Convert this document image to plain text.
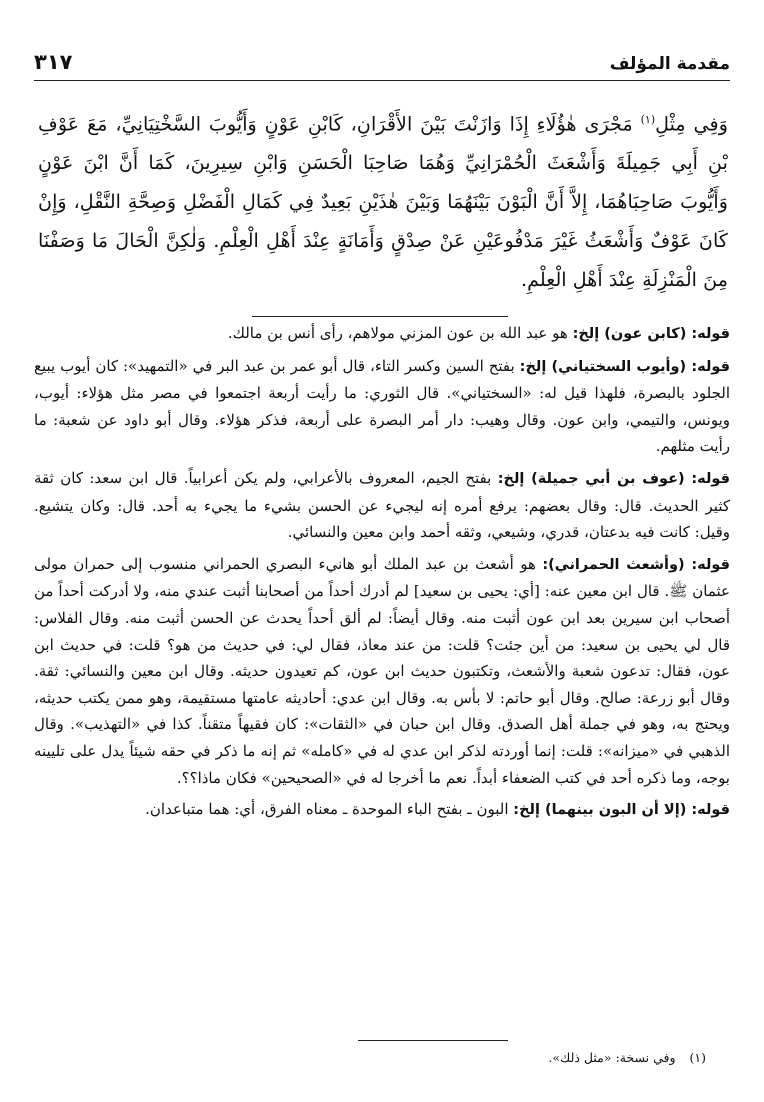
مقدمة المؤلف
٣١٧
وَفِي مِثْلِ$^{(١)}$ مَجْرَى هٰؤُلَاءِ إِذَا وَازَنْتَ بَيْنَ الأَقْرَانِ، كَابْنِ عَوْنٍ وَأَيُّوبَ السَّخْتِيَانِيِّ، مَعَ عَوْفِ بْنِ أَبِي جَمِيلَةَ وَأَشْعَثَ الْحُمْرَانِيِّ وَهُمَا صَاحِبَا الْحَسَنِ وَابْنِ سِيرِينَ، كَمَا أَنَّ ابْنَ عَوْنٍ وَأَيُّوبَ صَاحِبَاهُمَا، إِلاَّ أَنَّ الْبَوْنَ بَيْنَهُمَا وَبَيْنَ هٰذَيْنِ بَعِيدٌ فِي كَمَالِ الْفَضْلِ وَصِحَّةِ النَّقْلِ، وَإِنْ كَانَ عَوْفٌ وَأَشْعَثُ غَيْرَ مَدْفُوعَيْنِ عَنْ صِدْقٍ وَأَمَانَةٍ عِنْدَ أَهْلِ الْعِلْمِ. وَلٰكِنَّ الْحَالَ مَا وَصَفْنَا مِنَ الْمَنْزِلَةِ عِنْدَ أَهْلِ الْعِلْمِ.

قوله: (كابن عون) إلخ: هو عبد الله بن عون المزني مولاهم، رأى أنس بن مالك.

قوله: (وأيوب السختياني) إلخ: بفتح السين وكسر التاء، قال أبو عمر بن عبد البر في «التمهيد»: كان أيوب يبيع الجلود بالبصرة، فلهذا قيل له: «السختياني». قال الثوري: ما رأيت أربعة اجتمعوا في مصر مثل هؤلاء: أيوب، ويونس، والتيمي، وابن عون. وقال وهيب: دار أمر البصرة على أربعة، فذكر هؤلاء. وقال أبو داود عن شعبة: ما رأيت مثلهم.

قوله: (عوف بن أبي جميلة) إلخ: بفتح الجيم، المعروف بالأعرابي، ولم يكن أعرابياً. قال ابن سعد: كان ثقة كثير الحديث. قال: وقال بعضهم: يرفع أمره إنه ليجيء عن الحسن بشيء ما يجيء به أحد. قال: وكان يتشيع. وقيل: كانت فيه بدعتان، قدري، وشيعي، وثقه أحمد وابن معين والنسائي.

قوله: (وأشعث الحمراني): هو أشعث بن عبد الملك أبو هانيء البصري الحمراني منسوب إلى حمران مولى عثمان ﷺ. قال ابن معين عنه: [أي: يحيى بن سعيد] لم أدرك أحداً من أصحابنا أثبت عندي منه، ولا أدركت أحداً من أصحاب ابن سيرين بعد ابن عون أثبت منه. وقال أيضاً: لم ألق أحداً يحدث عن الحسن أثبت منه. وقال الفلاس: قال لي يحيى بن سعيد: من أين جئت؟ قلت: من عند معاذ، فقال لي: في حديث من هو؟ قلت: في حديث ابن عون، فقال: تدعون شعبة والأشعث، وتكتبون حديث ابن عون، كم تعيدون حديثه. وقال ابن معين والنسائي: ثقة. وقال أبو زرعة: صالح. وقال أبو حاتم: لا بأس به. وقال ابن عدي: أحاديثه عامتها مستقيمة، وهو ممن يكتب حديثه، ويحتج به، وهو في جملة أهل الصدق. وقال ابن حبان في «الثقات»: كان فقيهاً متقناً. كذا في «التهذيب». وقال الذهبي في «ميزانه»: قلت: إنما أوردته لذكر ابن عدي له في «كامله» ثم إنه ما ذكر في حقه شيئاً يدل على تليينه بوجه، وما ذكره أحد في كتب الضعفاء أبداً. نعم ما أخرجا له في «الصحيحين» فكان ماذا؟؟.

قوله: (إلا أن البون بينهما) إلخ: البون ـ بفتح الباء الموحدة ـ معناه الفرق، أي: هما متباعدان.

(١)وفي نسخة: «مثل ذلك».
